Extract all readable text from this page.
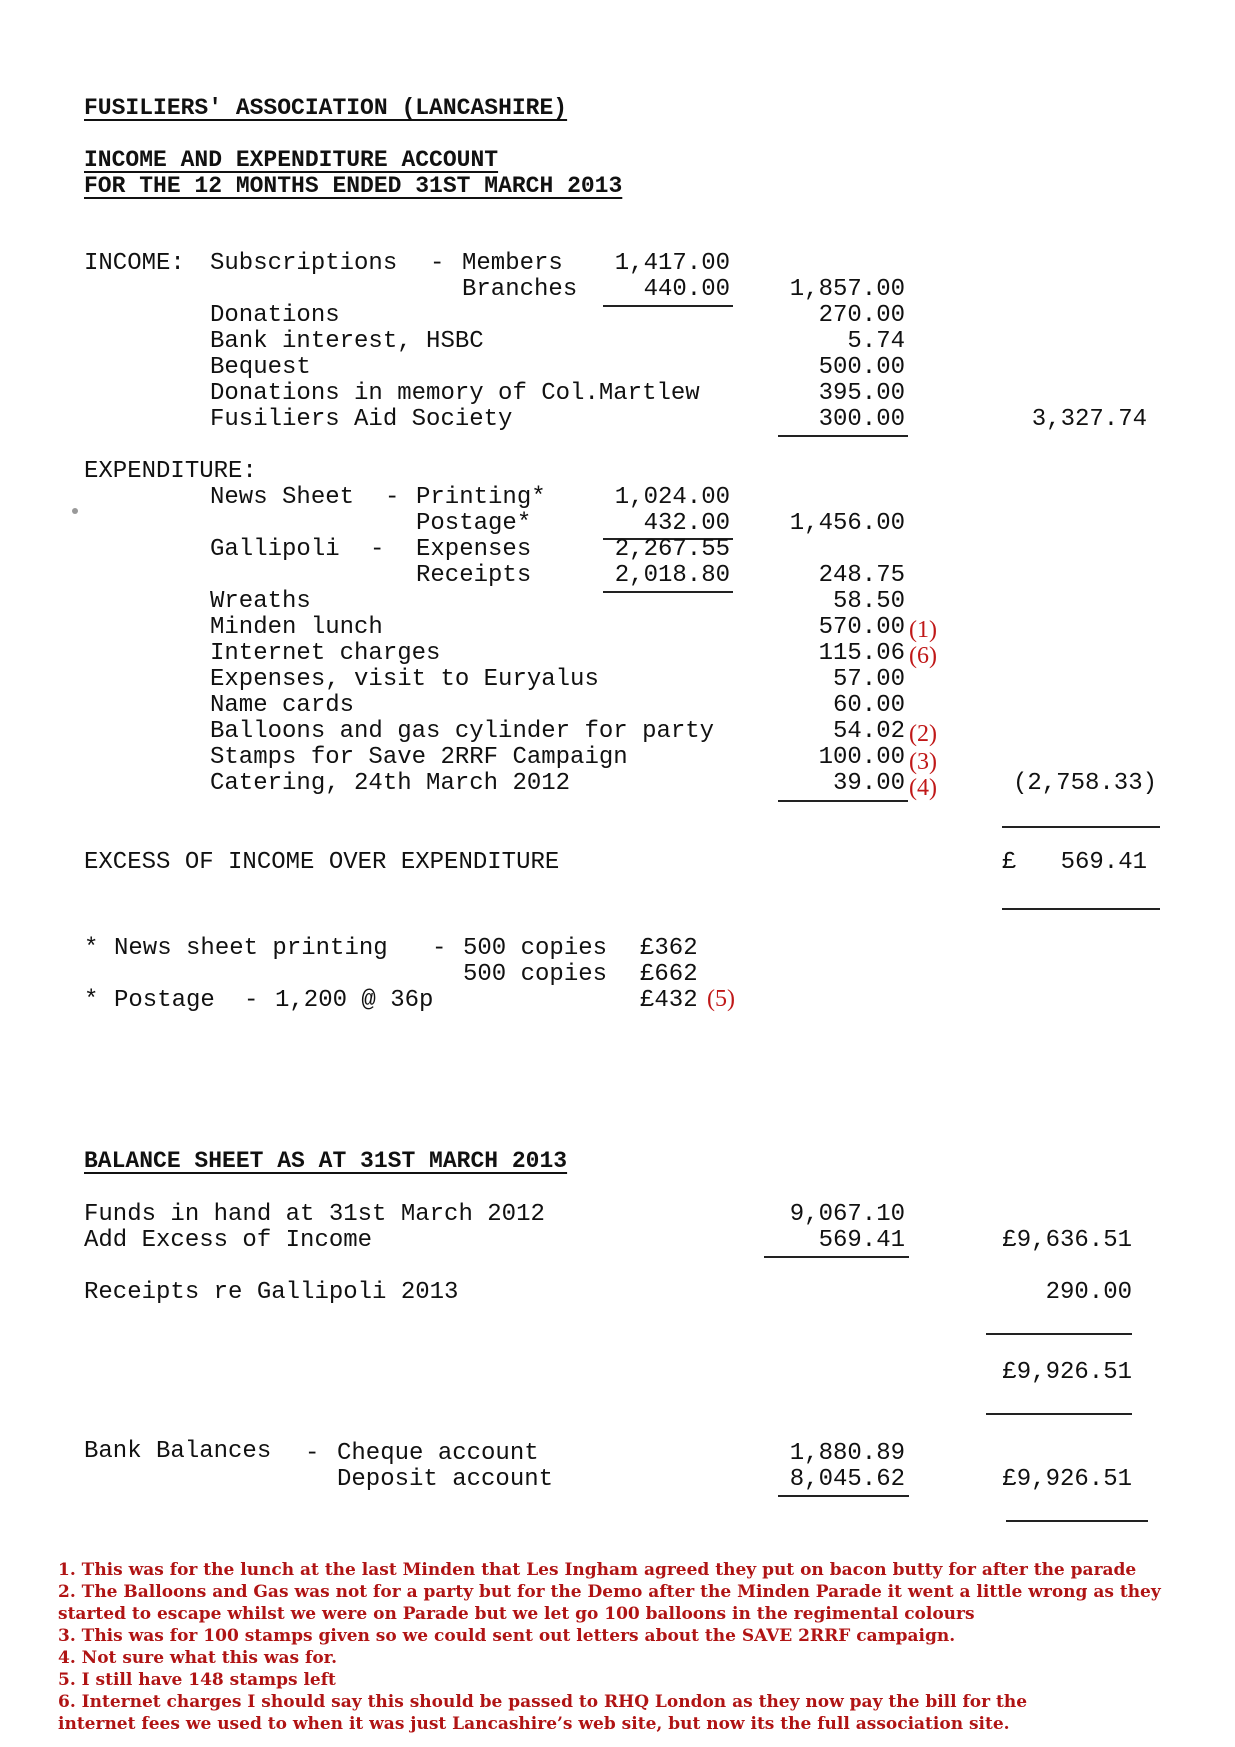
FUSILIERS' ASSOCIATION (LANCASHIRE)
INCOME AND EXPENDITURE ACCOUNT
FOR THE 12 MONTHS ENDED 31ST MARCH 2013
INCOME: Subscriptions - Members	1,417.00
Branches	440.00	1,857.00
Donations	270.00
Bank interest, HSBC	5.74
Bequest	500.00
Donations in memory of Col.Martlew	395.00
Fusiliers Aid Society	300.00	3,327.74
EXPENDITURE:
News Sheet - Printing*	1,024.00
Postage*	432.00	1,456.00
Gallipoli - Expenses	2,267.55
Receipts	2,018.80	248.75
Wreaths	58.50
Minden lunch	570.00 (1)
Internet charges	115.06 (6)
Expenses, visit to Euryalus	57.00
Name cards	60.00
Balloons and gas cylinder for party	54.02 (2)
Stamps for Save 2RRF Campaign	100.00 (3)
Catering, 24th March 2012	39.00 (4)	(2,758.33)
EXCESS OF INCOME OVER EXPENDITURE	£	569.41
* News sheet printing - 500 copies £362
500 copies £662
* Postage - 1,200 @ 36p	£432 (5)
BALANCE SHEET AS AT 31ST MARCH 2013
Funds in hand at 31st March 2012	9,067.10
Add Excess of Income	569.41	£9,636.51
Receipts re Gallipoli 2013	290.00
£9,926.51
Bank Balances - Cheque account	1,880.89
Deposit account	8,045.62	£9,926.51
1. This was for the lunch at the last Minden that Les Ingham agreed they put on bacon butty for after the parade
2. The Balloons and Gas was not for a party but for the Demo after the Minden Parade it went a little wrong as they
started to escape whilst we were on Parade but we let go 100 balloons in the regimental colours
3. This was for 100 stamps given so we could sent out letters about the SAVE 2RRF campaign.
4. Not sure what this was for.
5. I still have 148 stamps left
6. Internet charges I should say this should be passed to RHQ London as they now pay the bill for the
internet fees we used to when it was just Lancashire’s web site, but now its the full association site.
